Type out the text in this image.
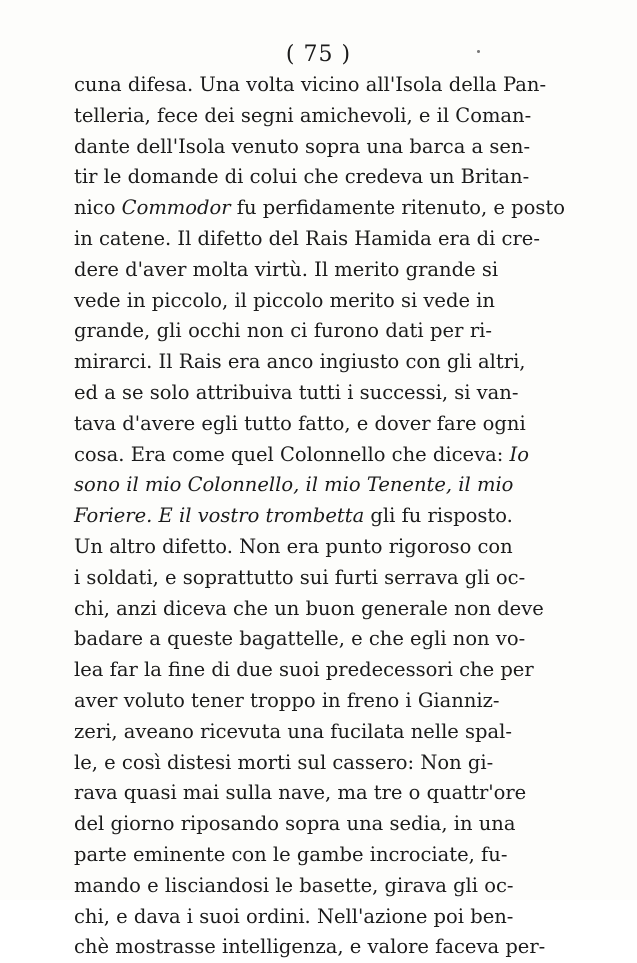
( 75 )
cuna difesa. Una volta vicino all'Isola della Pan-
telleria, fece dei segni amichevoli, e il Coman-
dante dell'Isola venuto sopra una barca a sen-
tir le domande di colui che credeva un Britan-
nico Commodor fu perfidamente ritenuto, e posto
in catene. Il difetto del Rais Hamida era di cre-
dere d'aver molta virtù. Il merito grande si
vede in piccolo, il piccolo merito si vede in
grande, gli occhi non ci furono dati per ri-
mirarci. Il Rais era anco ingiusto con gli altri,
ed a se solo attribuiva tutti i successi, si van-
tava d'avere egli tutto fatto, e dover fare ogni
cosa. Era come quel Colonnello che diceva: Io
sono il mio Colonnello, il mio Tenente, il mio
Foriere. E il vostro trombetta gli fu risposto.
Un altro difetto. Non era punto rigoroso con
i soldati, e soprattutto sui furti serrava gli oc-
chi, anzi diceva che un buon generale non deve
badare a queste bagattelle, e che egli non vo-
lea far la fine di due suoi predecessori che per
aver voluto tener troppo in freno i Gianniz-
zeri, aveano ricevuta una fucilata nelle spal-
le, e così distesi morti sul cassero: Non gi-
rava quasi mai sulla nave, ma tre o quattr'ore
del giorno riposando sopra una sedia, in una
parte eminente con le gambe incrociate, fu-
mando e lisciandosi le basette, girava gli oc-
chi, e dava i suoi ordini. Nell'azione poi ben-
chè mostrasse intelligenza, e valore faceva per-
